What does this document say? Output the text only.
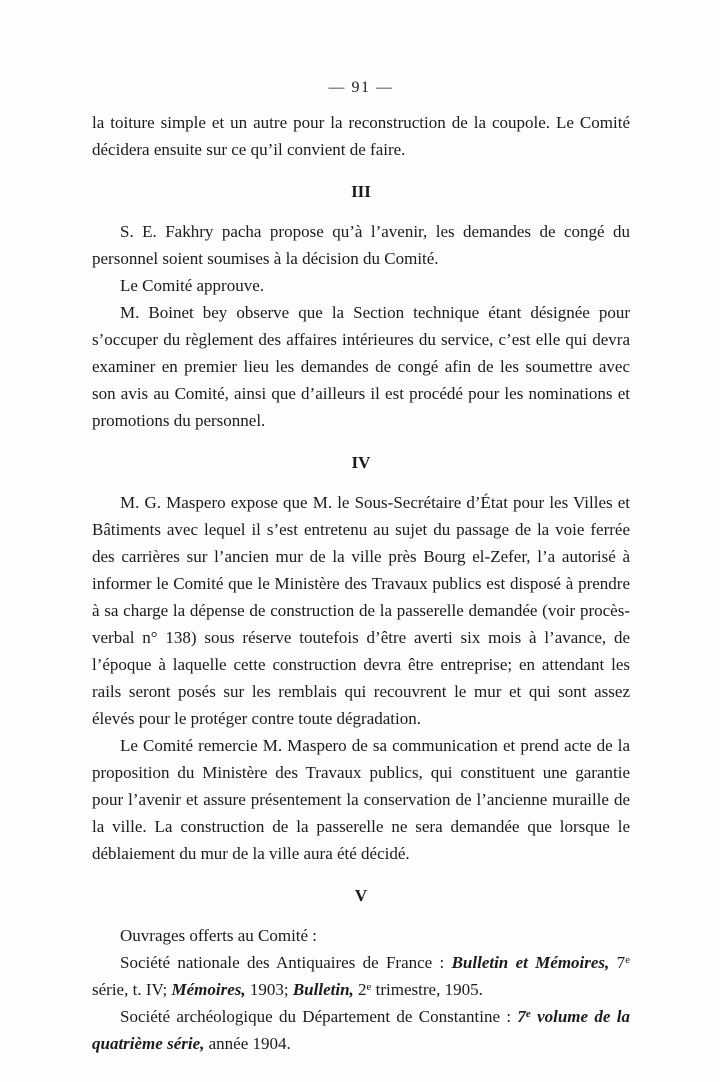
— 91 —

la toiture simple et un autre pour la reconstruction de la coupole. Le Comité décidera ensuite sur ce qu’il convient de faire.

III

S. E. Fakhry pacha propose qu’à l’avenir, les demandes de congé du personnel soient soumises à la décision du Comité.

Le Comité approuve.

M. Boinet bey observe que la Section technique étant désignée pour s’occuper du règlement des affaires intérieures du service, c’est elle qui devra examiner en premier lieu les demandes de congé afin de les soumettre avec son avis au Comité, ainsi que d’ailleurs il est procédé pour les nominations et promotions du personnel.

IV

M. G. Maspero expose que M. le Sous-Secrétaire d’État pour les Villes et Bâtiments avec lequel il s’est entretenu au sujet du passage de la voie ferrée des carrières sur l’ancien mur de la ville près Bourg el-Zefer, l’a autorisé à informer le Comité que le Ministère des Travaux publics est disposé à prendre à sa charge la dépense de construction de la passerelle demandée (voir procès-verbal n° 138) sous réserve toutefois d’être averti six mois à l’avance, de l’époque à laquelle cette construction devra être entreprise; en attendant les rails seront posés sur les remblais qui recouvrent le mur et qui sont assez élevés pour le protéger contre toute dégradation.

Le Comité remercie M. Maspero de sa communication et prend acte de la proposition du Ministère des Travaux publics, qui constituent une garantie pour l’avenir et assure présentement la conservation de l’ancienne muraille de la ville. La construction de la passerelle ne sera demandée que lorsque le déblaiement du mur de la ville aura été décidé.

V

Ouvrages offerts au Comité :

Société nationale des Antiquaires de France : Bulletin et Mémoires, 7e série, t. IV; Mémoires, 1903; Bulletin, 2e trimestre, 1905.

Société archéologique du Département de Constantine : 7e volume de la quatrième série, année 1904.
